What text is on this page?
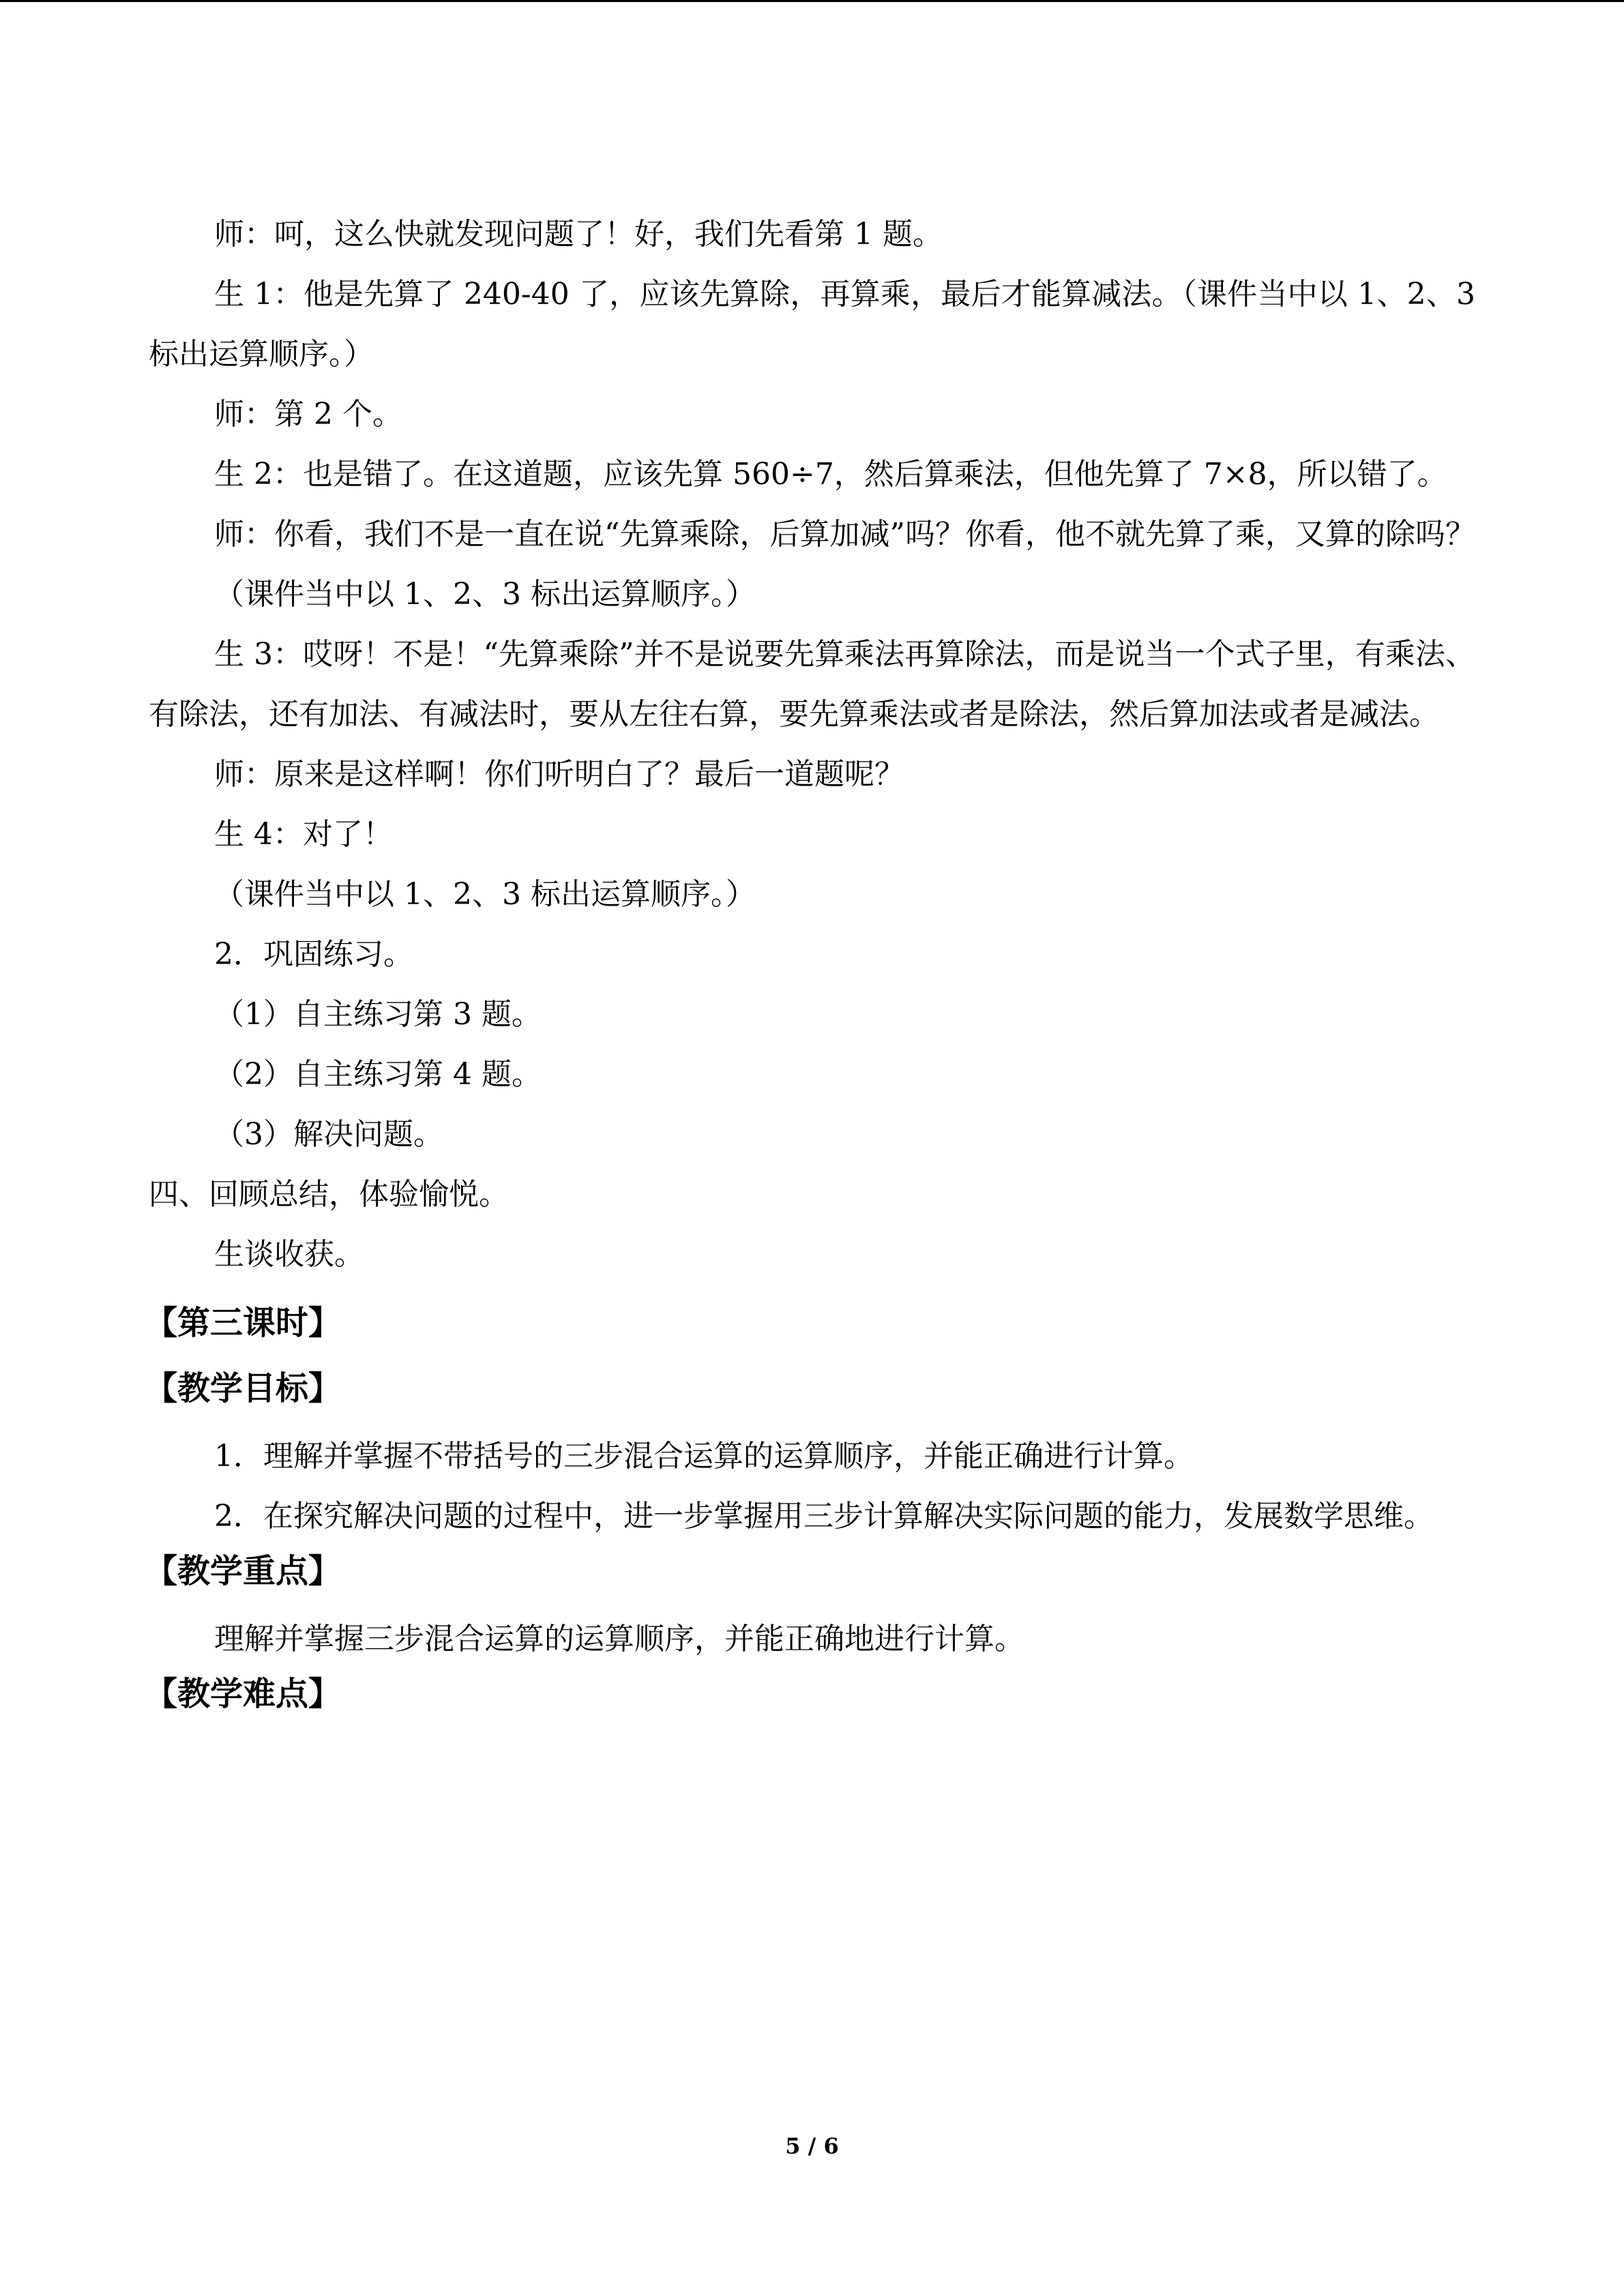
师：呵，这么快就发现问题了！好，我们先看第 1 题。

生 1：他是先算了 240-40 了，应该先算除，再算乘，最后才能算减法。（课件当中以 1、2、3 标出运算顺序。）

师：第 2 个。

生 2：也是错了。在这道题，应该先算 560÷7，然后算乘法，但他先算了 7×8，所以错了。

师：你看，我们不是一直在说“先算乘除，后算加减”吗？你看，他不就先算了乘，又算的除吗？

（课件当中以 1、2、3 标出运算顺序。）

生 3：哎呀！不是！“先算乘除”并不是说要先算乘法再算除法，而是说当一个式子里，有乘法、有除法，还有加法、有减法时，要从左往右算，要先算乘法或者是除法，然后算加法或者是减法。

师：原来是这样啊！你们听明白了？最后一道题呢？

生 4：对了！

（课件当中以 1、2、3 标出运算顺序。）

2．巩固练习。

（1）自主练习第 3 题。

（2）自主练习第 4 题。

（3）解决问题。

四、回顾总结，体验愉悦。

生谈收获。

【第三课时】

【教学目标】

1．理解并掌握不带括号的三步混合运算的运算顺序，并能正确进行计算。

2．在探究解决问题的过程中，进一步掌握用三步计算解决实际问题的能力，发展数学思维。

【教学重点】

理解并掌握三步混合运算的运算顺序，并能正确地进行计算。

【教学难点】

5 / 6
